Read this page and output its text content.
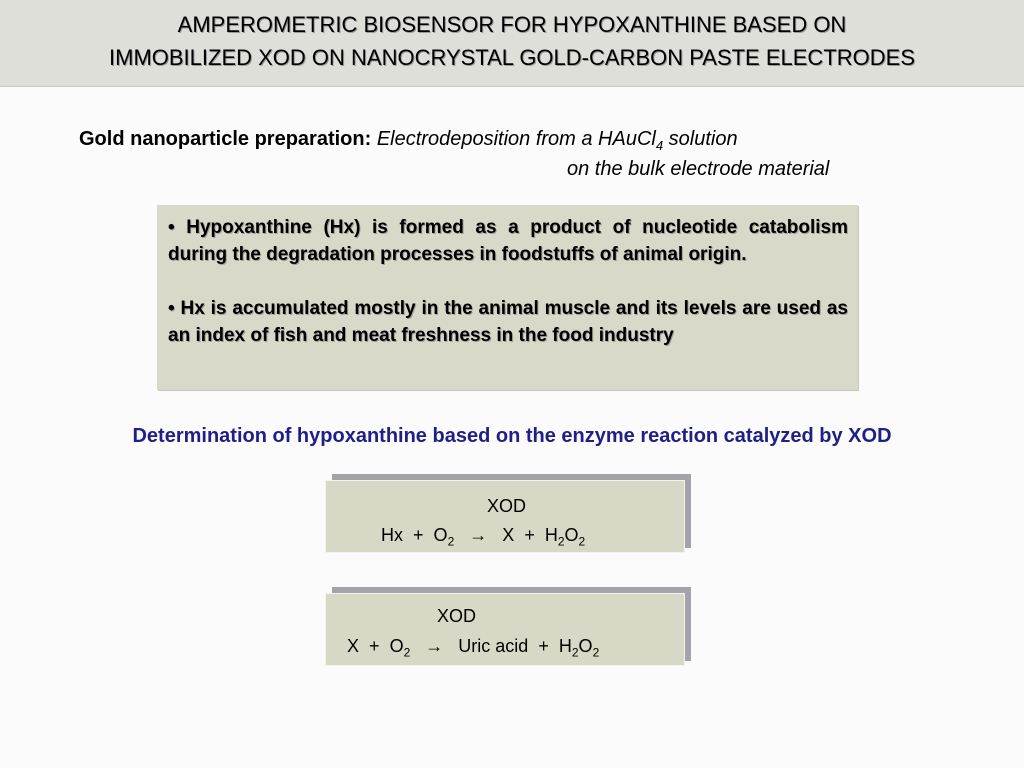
AMPEROMETRIC BIOSENSOR FOR HYPOXANTHINE BASED ON
IMMOBILIZED XOD ON NANOCRYSTAL GOLD-CARBON PASTE ELECTRODES
Gold nanoparticle preparation: Electrodeposition from a HAuCl$_4$ solution
on the bulk electrode material
• Hypoxanthine (Hx) is formed as a product of nucleotide catabolism during the degradation processes in foodstuffs of animal origin.
• Hx is accumulated mostly in the animal muscle and its levels are used as an index of fish and meat freshness in the food industry
Determination of hypoxanthine based on the enzyme reaction catalyzed by XOD
XOD
$Hx + O_2 \to X + H_2O_2$
XOD
$X + O_2$ → Uric acid + $H_2O_2$
